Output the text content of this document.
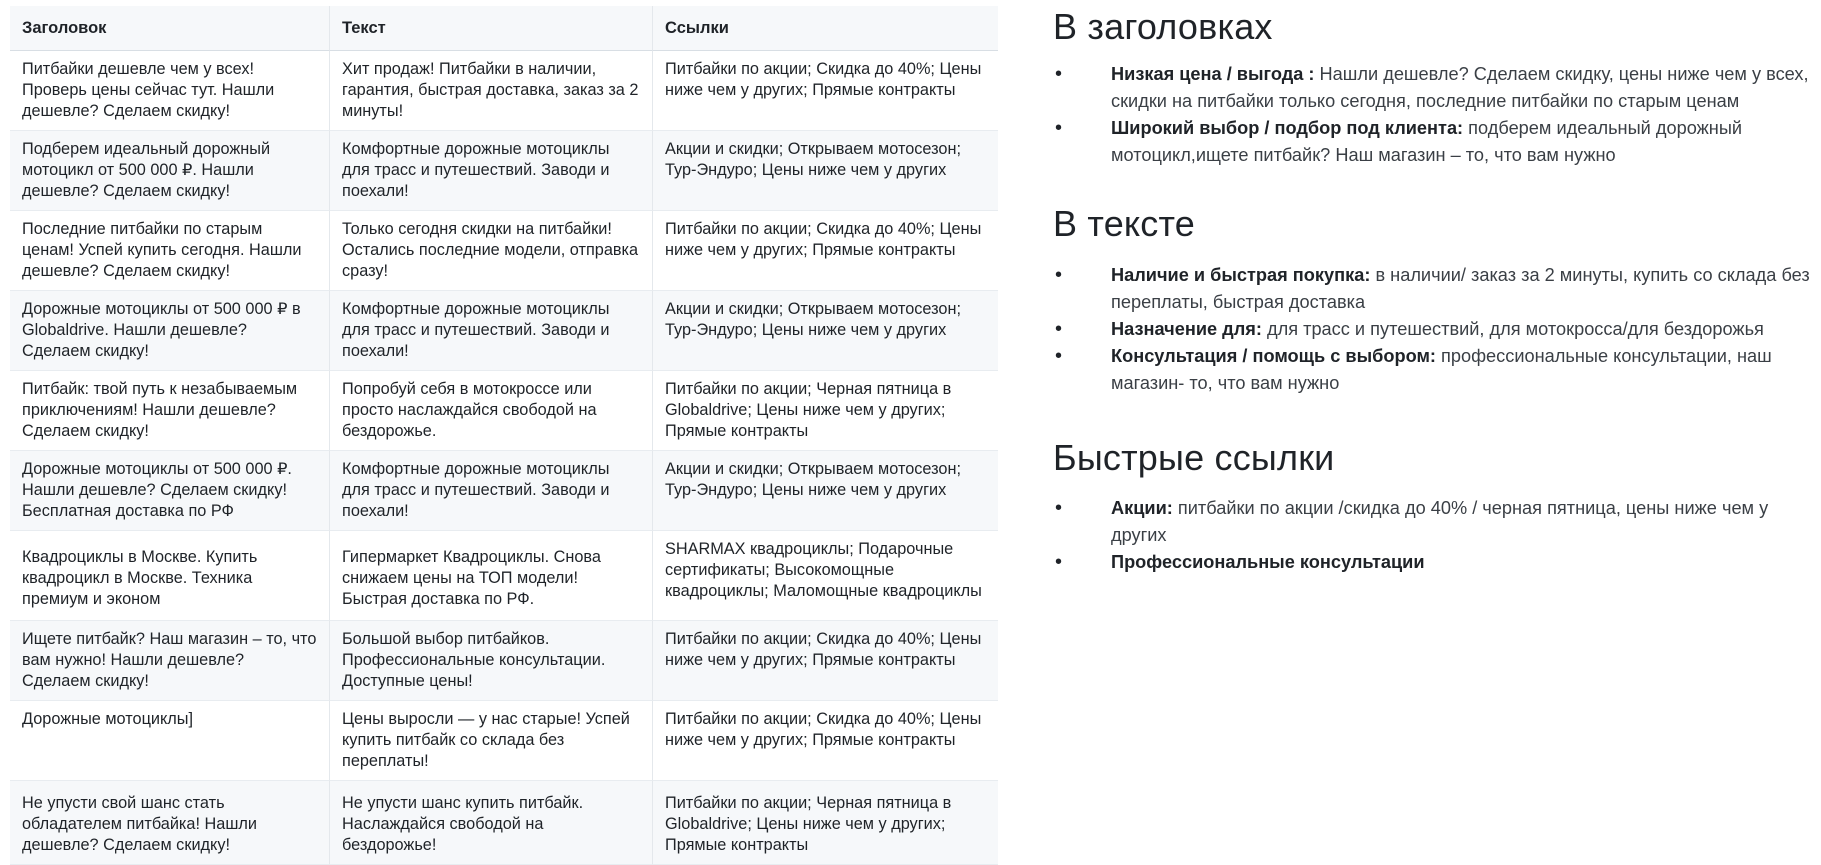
Заголовок	Текст	Ссылки
Питбайки дешевле чем у всех! Проверь цены сейчас тут. Нашли дешевле? Сделаем скидку!	Хит продаж! Питбайки в наличии, гарантия, быстрая доставка, заказ за 2 минуты!	Питбайки по акции; Скидка до 40%; Цены ниже чем у других; Прямые контракты
Подберем идеальный дорожный мотоцикл от 500 000 ₽. Нашли дешевле? Сделаем скидку!	Комфортные дорожные мотоциклы для трасс и путешествий. Заводи и поехали!	Акции и скидки; Открываем мотосезон; Тур-Эндуро; Цены ниже чем у других
Последние питбайки по старым ценам! Успей купить сегодня. Нашли дешевле? Сделаем скидку!	Только сегодня скидки на питбайки! Остались последние модели, отправка сразу!	Питбайки по акции; Скидка до 40%; Цены ниже чем у других; Прямые контракты
Дорожные мотоциклы от 500 000 ₽ в Globaldrive. Нашли дешевле? Сделаем скидку!	Комфортные дорожные мотоциклы для трасс и путешествий. Заводи и поехали!	Акции и скидки; Открываем мотосезон; Тур-Эндуро; Цены ниже чем у других
Питбайк: твой путь к незабываемым приключениям! Нашли дешевле? Сделаем скидку!	Попробуй себя в мотокроссе или просто наслаждайся свободой на бездорожье.	Питбайки по акции; Черная пятница в Globaldrive; Цены ниже чем у других; Прямые контракты
Дорожные мотоциклы от 500 000 ₽. Нашли дешевле? Сделаем скидку! Бесплатная доставка по РФ	Комфортные дорожные мотоциклы для трасс и путешествий. Заводи и поехали!	Акции и скидки; Открываем мотосезон; Тур-Эндуро; Цены ниже чем у других
Квадроциклы в Москве. Купить квадроцикл в Москве. Техника премиум и эконом	Гипермаркет Квадроциклы. Снова снижаем цены на ТОП модели! Быстрая доставка по РФ.	SHARMAX квадроциклы; Подарочные сертификаты; Высокомощные квадроциклы; Маломощные квадроциклы
Ищете питбайк? Наш магазин – то, что вам нужно! Нашли дешевле? Сделаем скидку!	Большой выбор питбайков. Профессиональные консультации. Доступные цены!	Питбайки по акции; Скидка до 40%; Цены ниже чем у других; Прямые контракты
Дорожные мотоциклы]	Цены выросли — у нас старые! Успей купить питбайк со склада без переплаты!	Питбайки по акции; Скидка до 40%; Цены ниже чем у других; Прямые контракты
Не упусти свой шанс стать обладателем питбайка! Нашли дешевле? Сделаем скидку!	Не упусти шанс купить питбайк. Наслаждайся свободой на бездорожье!	Питбайки по акции; Черная пятница в Globaldrive; Цены ниже чем у других; Прямые контракты
В заголовках
•	Низкая цена / выгода : Нашли дешевле? Сделаем скидку, цены ниже чем у всех, скидки на питбайки только сегодня, последние питбайки по старым ценам
•	Широкий выбор / подбор под клиента: подберем идеальный дорожный мотоцикл,ищете питбайк? Наш магазин – то, что вам нужно
В тексте
•	Наличие и быстрая покупка: в наличии/ заказ за 2 минуты, купить со склада без переплаты, быстрая доставка
•	Назначение для: для трасс и путешествий, для мотокросса/для бездорожья
•	Консультация / помощь с выбором: профессиональные консультации, наш магазин- то, что вам нужно
Быстрые ссылки
•	Акции: питбайки по акции /скидка до 40% / черная пятница, цены ниже чем у других
•	Профессиональные консультации
